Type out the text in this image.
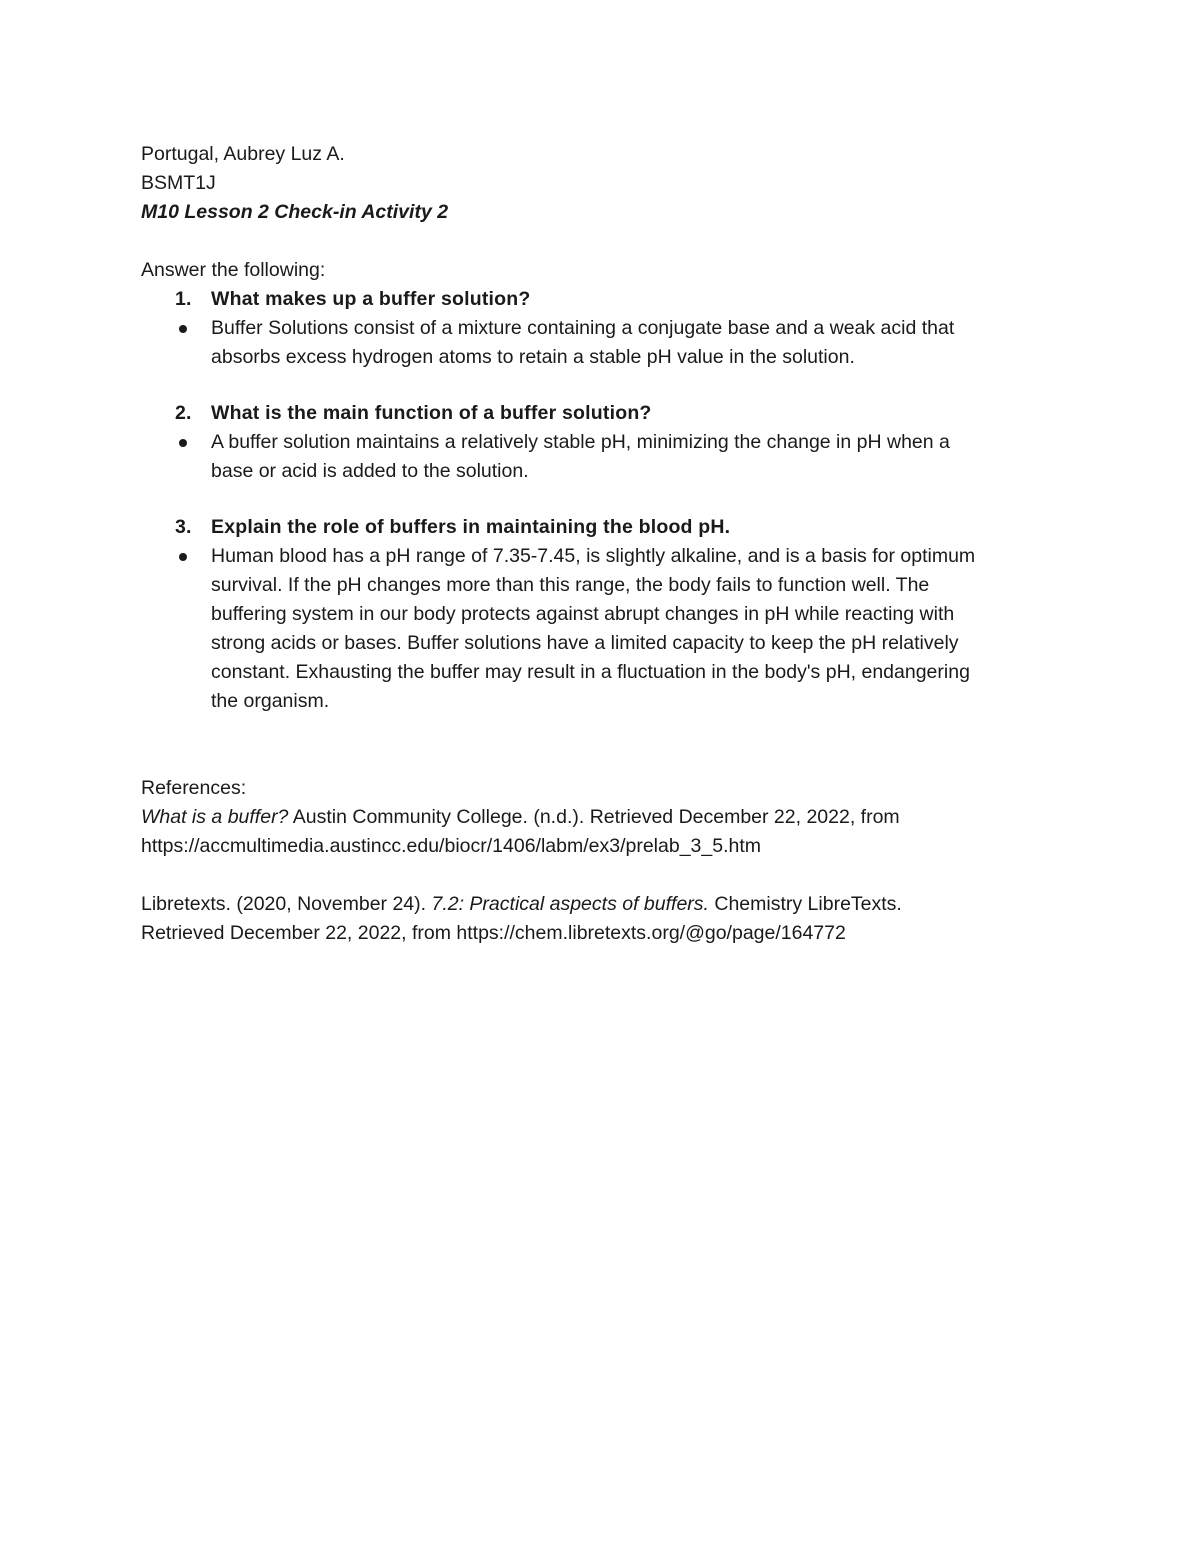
Portugal, Aubrey Luz A.
BSMT1J
M10 Lesson 2 Check-in Activity 2
Answer the following:
1. What makes up a buffer solution?
Buffer Solutions consist of a mixture containing a conjugate base and a weak acid that
absorbs excess hydrogen atoms to retain a stable pH value in the solution.
2. What is the main function of a buffer solution?
A buffer solution maintains a relatively stable pH, minimizing the change in pH when a
base or acid is added to the solution.
3. Explain the role of buffers in maintaining the blood pH.
Human blood has a pH range of 7.35-7.45, is slightly alkaline, and is a basis for optimum
survival. If the pH changes more than this range, the body fails to function well. The
buffering system in our body protects against abrupt changes in pH while reacting with
strong acids or bases. Buffer solutions have a limited capacity to keep the pH relatively
constant. Exhausting the buffer may result in a fluctuation in the body's pH, endangering
the organism.
References:
What is a buffer? Austin Community College. (n.d.). Retrieved December 22, 2022, from
https://accmultimedia.austincc.edu/biocr/1406/labm/ex3/prelab_3_5.htm
Libretexts. (2020, November 24). 7.2: Practical aspects of buffers. Chemistry LibreTexts.
Retrieved December 22, 2022, from https://chem.libretexts.org/@go/page/164772
